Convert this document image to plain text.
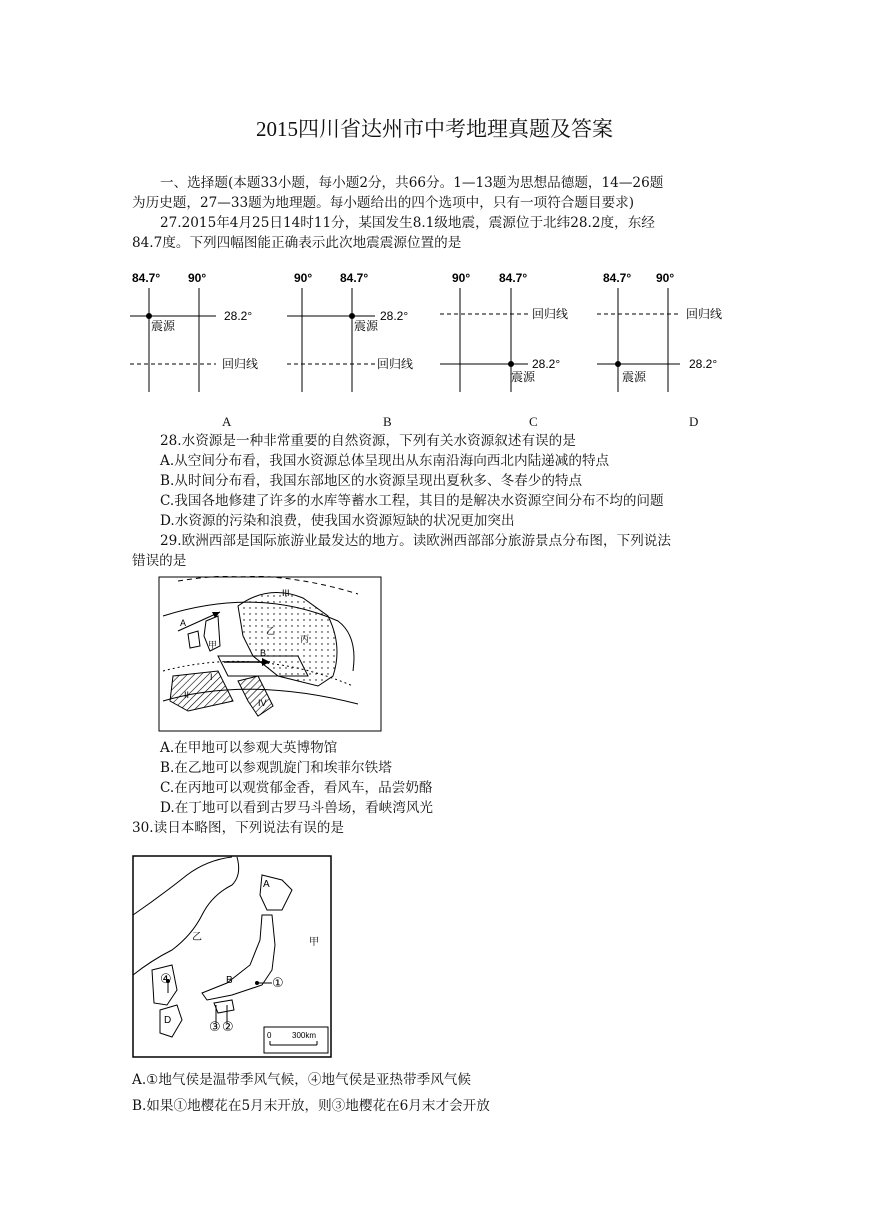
2015四川省达州市中考地理真题及答案
一、选择题(本题33小题，每小题2分，共66分。1—13题为思想品德题，14—26题
为历史题，27—33题为地理题。每小题给出的四个选项中，只有一项符合题目要求)
27.2015年4月25日14时11分，某国发生8.1级地震，震源位于北纬28.2度，东经
84.7度。下列四幅图能正确表示此次地震震源位置的是
84.7° 90°
28.2°
震源
回归线
90° 84.7°
28.2°
震源
回归线
90° 84.7°
回归线
28.2°
震源
84.7° 90°
回归线
28.2°
震源
A	B	C	D
28.水资源是一种非常重要的自然资源，下列有关水资源叙述有误的是
A.从空间分布看，我国水资源总体呈现出从东南沿海向西北内陆递减的特点
B.从时间分布看，我国东部地区的水资源呈现出夏秋多、冬春少的特点
C.我国各地修建了许多的水库等蓄水工程，其目的是解决水资源空间分布不均的问题
D.水资源的污染和浪费，使我国水资源短缺的状况更加突出
29.欧洲西部是国际旅游业最发达的地方。读欧洲西部部分旅游景点分布图，下列说法
错误的是
A
B
丙
乙
甲
I
II
III
IV
A.在甲地可以参观大英博物馆
B.在乙地可以参观凯旋门和埃菲尔铁塔
C.在丙地可以观赏郁金香，看风车，品尝奶酪
D.在丁地可以看到古罗马斗兽场，看峡湾风光
30.读日本略图，下列说法有误的是
A
B
D
乙	甲
①
②
③
④
0	300km
A.①地气侯是温带季风气候，④地气侯是亚热带季风气候
B.如果①地樱花在5月末开放，则③地樱花在6月末才会开放
